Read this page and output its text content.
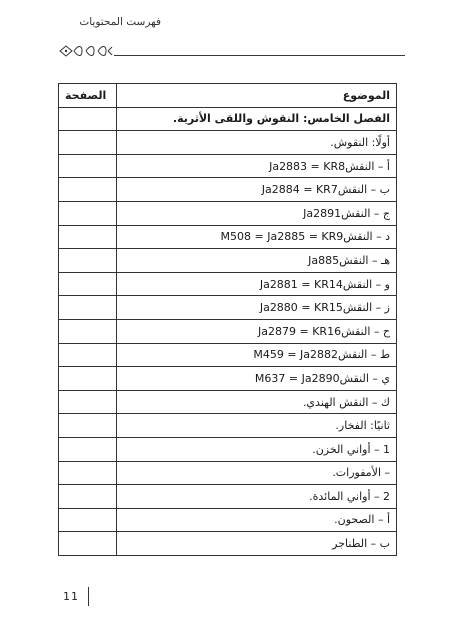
فهرست المحتويات
الموضوع	الصفحة
الفصل الخامس: النقوش واللقى الأثرية.	
أولًا: النقوش.	
أ – النقشJa2883 = KR8	
ب – النقشJa2884 = KR7	
ج – النقشJa2891	
د – النقشM508 = Ja2885 = KR9	
هـ – النقشJa885	
و – النقشJa2881 = KR14	
ز – النقشJa2880 = KR15	
ح – النقشJa2879 = KR16	
ط – النقشM459 = Ja2882	
ي – النقشM637 = Ja2890	
ك – النقش الهندي.	
ثانيًا: الفخار.	
1 – أواني الخزن.	
– الأمفورات.	
2 – أواني المائدة.	
أ – الصحون.	
ب – الطناجر	
11
